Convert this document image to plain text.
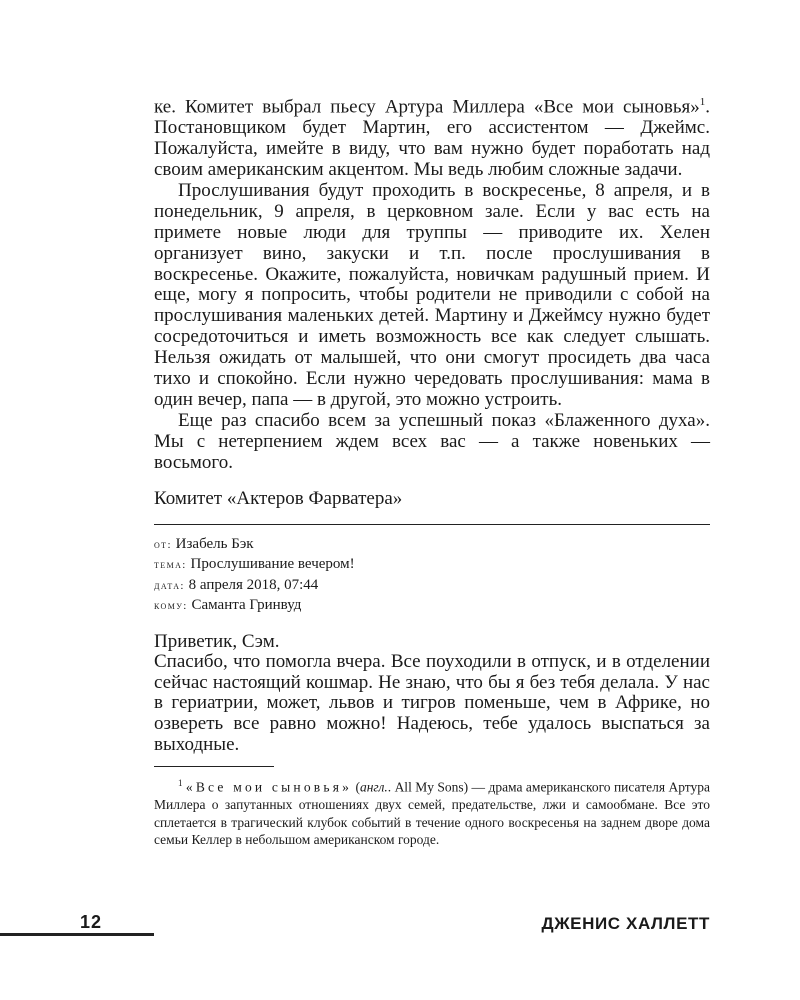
ке. Комитет выбрал пьесу Артура Миллера «Все мои сыновья»$^1$. Постановщиком будет Мартин, его ассистентом — Джеймс. Пожалуйста, имейте в виду, что вам нужно будет поработать над своим американским акцентом. Мы ведь любим сложные задачи.

Прослушивания будут проходить в воскресенье, 8 апреля, и в понедельник, 9 апреля, в церковном зале. Если у вас есть на примете новые люди для труппы — приводите их. Хелен организует вино, закуски и т.п. после прослушивания в воскресенье. Окажите, пожалуйста, новичкам радушный прием. И еще, могу я попросить, чтобы родители не приводили с собой на прослушивания маленьких детей. Мартину и Джеймсу нужно будет сосредоточиться и иметь возможность все как следует слышать. Нельзя ожидать от малышей, что они смогут просидеть два часа тихо и спокойно. Если нужно чередовать прослушивания: мама в один вечер, папа — в другой, это можно устроить.

Еще раз спасибо всем за успешный показ «Блаженного духа». Мы с нетерпением ждем всех вас — а также новеньких — восьмого.

Комитет «Актеров Фарватера»

от: Изабель Бэк

тема: Прослушивание вечером!

дата: 8 апреля 2018, 07:44

кому: Саманта Гринвуд

Приветик, Сэм.

Спасибо, что помогла вчера. Все поуходили в отпуск, и в отделении сейчас настоящий кошмар. Не знаю, что бы я без тебя делала. У нас в гериатрии, может, львов и тигров поменьше, чем в Африке, но озвереть все равно можно! Надеюсь, тебе удалось выспаться за выходные.

$^1$ «Все мои сыновья» (англ.. All My Sons) — драма американского писателя Артура Миллера о запутанных отношениях двух семей, предательстве, лжи и самообмане. Все это сплетается в трагический клубок событий в течение одного воскресенья на заднем дворе дома семьи Келлер в небольшом американском городе.

12	ДЖЕНИС ХАЛЛЕТТ
